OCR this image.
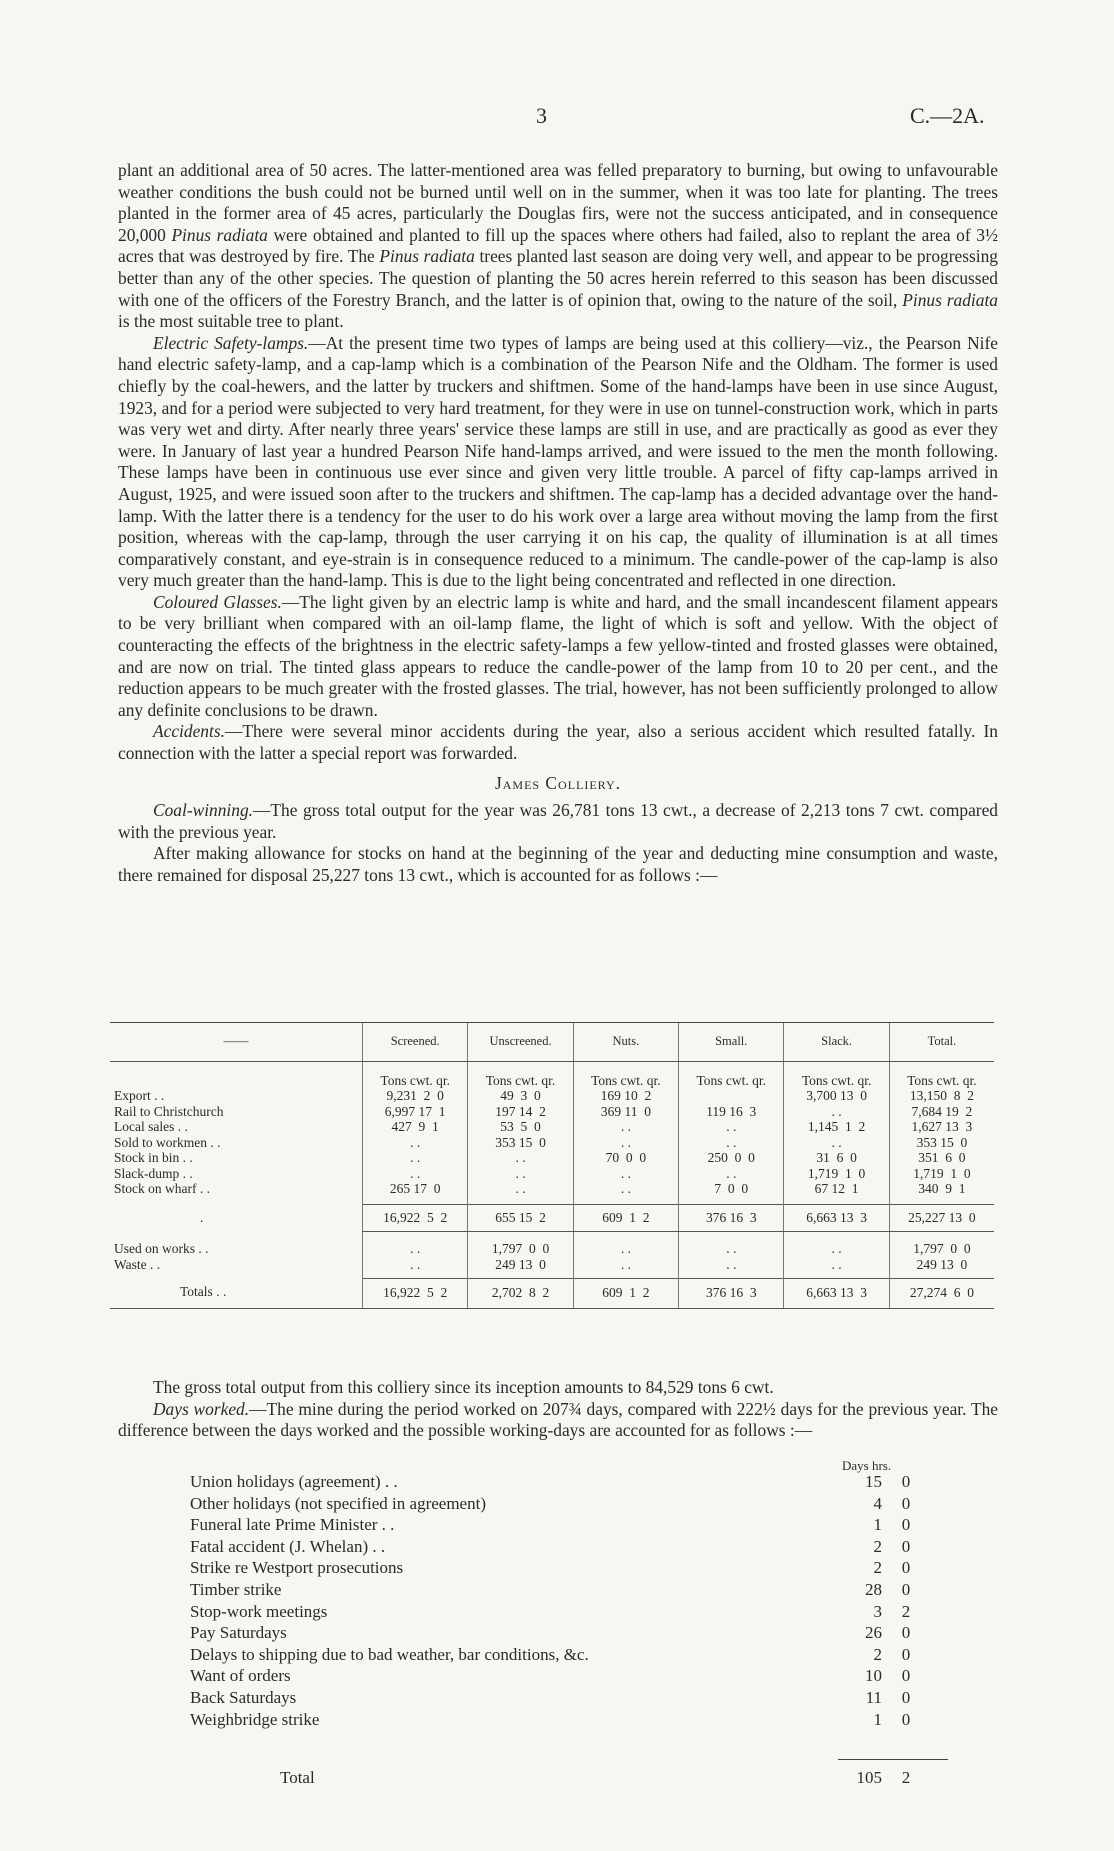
3	C.—2A.

plant an additional area of 50 acres. The latter-mentioned area was felled preparatory to burning, but owing to unfavourable weather conditions the bush could not be burned until well on in the summer, when it was too late for planting. The trees planted in the former area of 45 acres, particularly the Douglas firs, were not the success anticipated, and in consequence 20,000 Pinus radiata were obtained and planted to fill up the spaces where others had failed, also to replant the area of 3½ acres that was destroyed by fire. The Pinus radiata trees planted last season are doing very well, and appear to be progressing better than any of the other species. The question of planting the 50 acres herein referred to this season has been discussed with one of the officers of the Forestry Branch, and the latter is of opinion that, owing to the nature of the soil, Pinus radiata is the most suitable tree to plant.

Electric Safety-lamps.—At the present time two types of lamps are being used at this colliery—viz., the Pearson Nife hand electric safety-lamp, and a cap-lamp which is a combination of the Pearson Nife and the Oldham. The former is used chiefly by the coal-hewers, and the latter by truckers and shiftmen. Some of the hand-lamps have been in use since August, 1923, and for a period were subjected to very hard treatment, for they were in use on tunnel-construction work, which in parts was very wet and dirty. After nearly three years' service these lamps are still in use, and are practically as good as ever they were. In January of last year a hundred Pearson Nife hand-lamps arrived, and were issued to the men the month following. These lamps have been in continuous use ever since and given very little trouble. A parcel of fifty cap-lamps arrived in August, 1925, and were issued soon after to the truckers and shiftmen. The cap-lamp has a decided advantage over the hand-lamp. With the latter there is a tendency for the user to do his work over a large area without moving the lamp from the first position, whereas with the cap-lamp, through the user carrying it on his cap, the quality of illumination is at all times comparatively constant, and eye-strain is in consequence reduced to a minimum. The candle-power of the cap-lamp is also very much greater than the hand-lamp. This is due to the light being concentrated and reflected in one direction.

Coloured Glasses.—The light given by an electric lamp is white and hard, and the small incandescent filament appears to be very brilliant when compared with an oil-lamp flame, the light of which is soft and yellow. With the object of counteracting the effects of the brightness in the electric safety-lamps a few yellow-tinted and frosted glasses were obtained, and are now on trial. The tinted glass appears to reduce the candle-power of the lamp from 10 to 20 per cent., and the reduction appears to be much greater with the frosted glasses. The trial, however, has not been sufficiently prolonged to allow any definite conclusions to be drawn.

Accidents.—There were several minor accidents during the year, also a serious accident which resulted fatally. In connection with the latter a special report was forwarded.

James Colliery.

Coal-winning.—The gross total output for the year was 26,781 tons 13 cwt., a decrease of 2,213 tons 7 cwt. compared with the previous year.

After making allowance for stocks on hand at the beginning of the year and deducting mine consumption and waste, there remained for disposal 25,227 tons 13 cwt., which is accounted for as follows :—

——	Screened.	Unscreened.	Nuts.	Small.	Slack.	Total.
	Tons cwt. qr.	Tons cwt. qr.	Tons cwt. qr.	Tons cwt. qr.	Tons cwt. qr.	Tons cwt. qr.
Export . .	9,231  2  0	49  3  0	169 10  2		3,700 13  0	13,150  8  2
Rail to Christchurch	6,997 17  1	197 14  2	369 11  0	119 16  3	. .	7,684 19  2
Local sales . .	427  9  1	53  5  0	. .	. .	1,145  1  2	1,627 13  3
Sold to workmen . .	. .	353 15  0	. .	. .	. .	353 15  0
Stock in bin . .	. .	. .	70  0  0	250  0  0	31  6  0	351  6  0
Slack-dump . .	. .	. .	. .	. .	1,719  1  0	1,719  1  0
Stock on wharf . .	265 17  0	. .	. .	7  0  0	67 12  1	340  9  1

.	16,922  5  2	655 15  2	609  1  2	376 16  3	6,663 13  3	25,227 13  0

Used on works . .	. .	1,797  0  0	. .	. .	. .	1,797  0  0
Waste . .	. .	249 13  0	. .	. .	. .	249 13  0

Totals . .	16,922  5  2	2,702  8  2	609  1  2	376 16  3	6,663 13  3	27,274  6  0

The gross total output from this colliery since its inception amounts to 84,529 tons 6 cwt.

Days worked.—The mine during the period worked on 207¾ days, compared with 222½ days for the previous year. The difference between the days worked and the possible working-days are accounted for as follows :—

Days hrs.
Union holidays (agreement) . .	15 0
Other holidays (not specified in agreement)	4 0
Funeral late Prime Minister . .	1 0
Fatal accident (J. Whelan) . .	2 0
Strike re Westport prosecutions	2 0
Timber strike	28 0
Stop-work meetings	3 2
Pay Saturdays	26 0
Delays to shipping due to bad weather, bar conditions, &c.	2 0
Want of orders	10 0
Back Saturdays	11 0
Weighbridge strike	1 0
Total	105 2
